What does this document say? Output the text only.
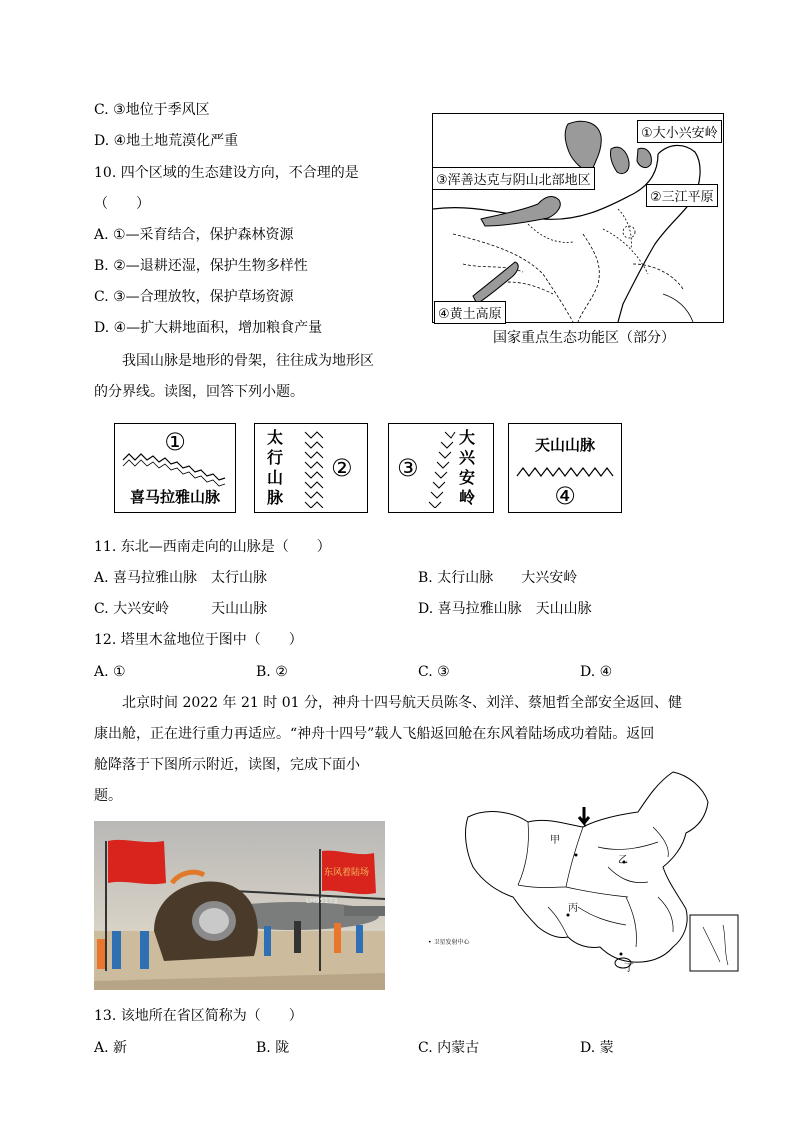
C. ③地位于季风区
D. ④地土地荒漠化严重
10. 四个区域的生态建设方向，不合理的是
（　　）
A. ①—采育结合，保护森林资源
B. ②—退耕还湿，保护生物多样性
C. ③—合理放牧，保护草场资源
D. ④—扩大耕地面积，增加粮食产量
①大小兴安岭
②三江平原
③浑善达克与阴山北部地区
④黄土高原
国家重点生态功能区（部分）
我国山脉是地形的骨架，往往成为地形区
的分界线。读图，回答下列小题。
①
喜马拉雅山脉
太
行
山
脉
② ③
大
兴
安
岭
天山山脉
④
11. 东北—西南走向的山脉是（　　）
A. 喜马拉雅山脉　太行山脉	B. 太行山脉　　大兴安岭
C. 大兴安岭　　　天山山脉	D. 喜马拉雅山脉　天山山脉
12. 塔里木盆地位于图中（　　）
A. ①	B. ②	C. ③	D. ④
北京时间 2022 年 21 时 01 分，神舟十四号航天员陈冬、刘洋、蔡旭哲全部安全返回、健
康出舱，正在进行重力再适应。“神舟十四号”载人飞船返回舱在东风着陆场成功着陆。返回
舱降落于下图所示附近，读图，完成下面小
题。
东风着陆场
LH95173
甲
乙
丙
丁
• 卫星发射中心
13. 该地所在省区简称为（　　）
A. 新	B. 陇	C. 内蒙古	D. 蒙
